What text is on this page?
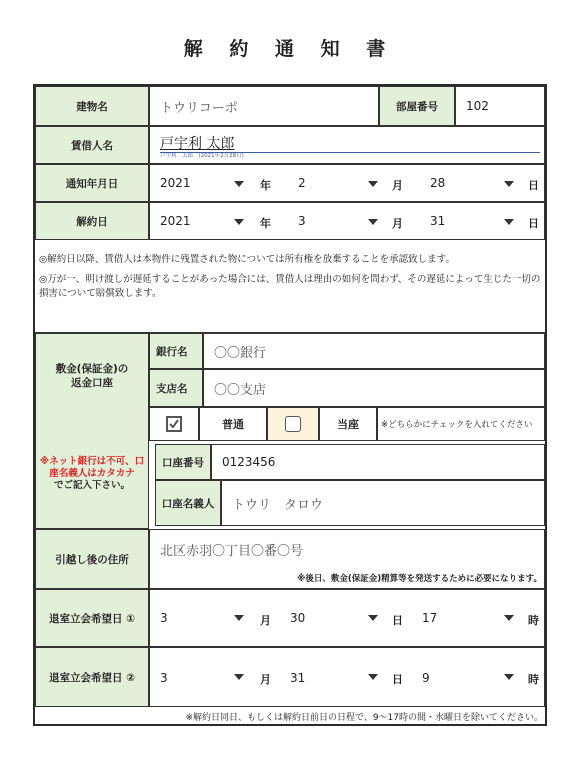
解 約 通 知 書
建物名	トウリコーポ	部屋番号	102
賃借人名	戸宇利 太郎
戸宇利　太郎　(2021年2月28日)
通知年月日	2021	年 2	月 28	日
解約日	2021	年 3	月 31	日

◎解約日以降、賃借人は本物件に残置された物については所有権を放棄することを承認致します。

◎万が一、明け渡しが遅延することがあった場合には、賃借人は理由の如何を問わず、その遅延によって生じた一切の損害について賠償致します。

敷金(保証金)の返金口座
※ネット銀行は不可、口座名義人はカタカナ
でご記入下さい。
銀行名	〇〇銀行
支店名	〇〇支店
普通	当座	※どちらかにチェックを入れてください
口座番号	0123456
口座名義人	トウリ　タロウ
引越し後の住所
北区赤羽〇丁目〇番〇号
※後日、敷金(保証金)精算等を発送するために必要になります。
退室立会希望日 ①	3	月 30	日 17	時
退室立会希望日 ②	3	月 31	日 9	時
※解約日同日、もしくは解約日前日の日程で、9～17時の間・水曜日を除いてください。
